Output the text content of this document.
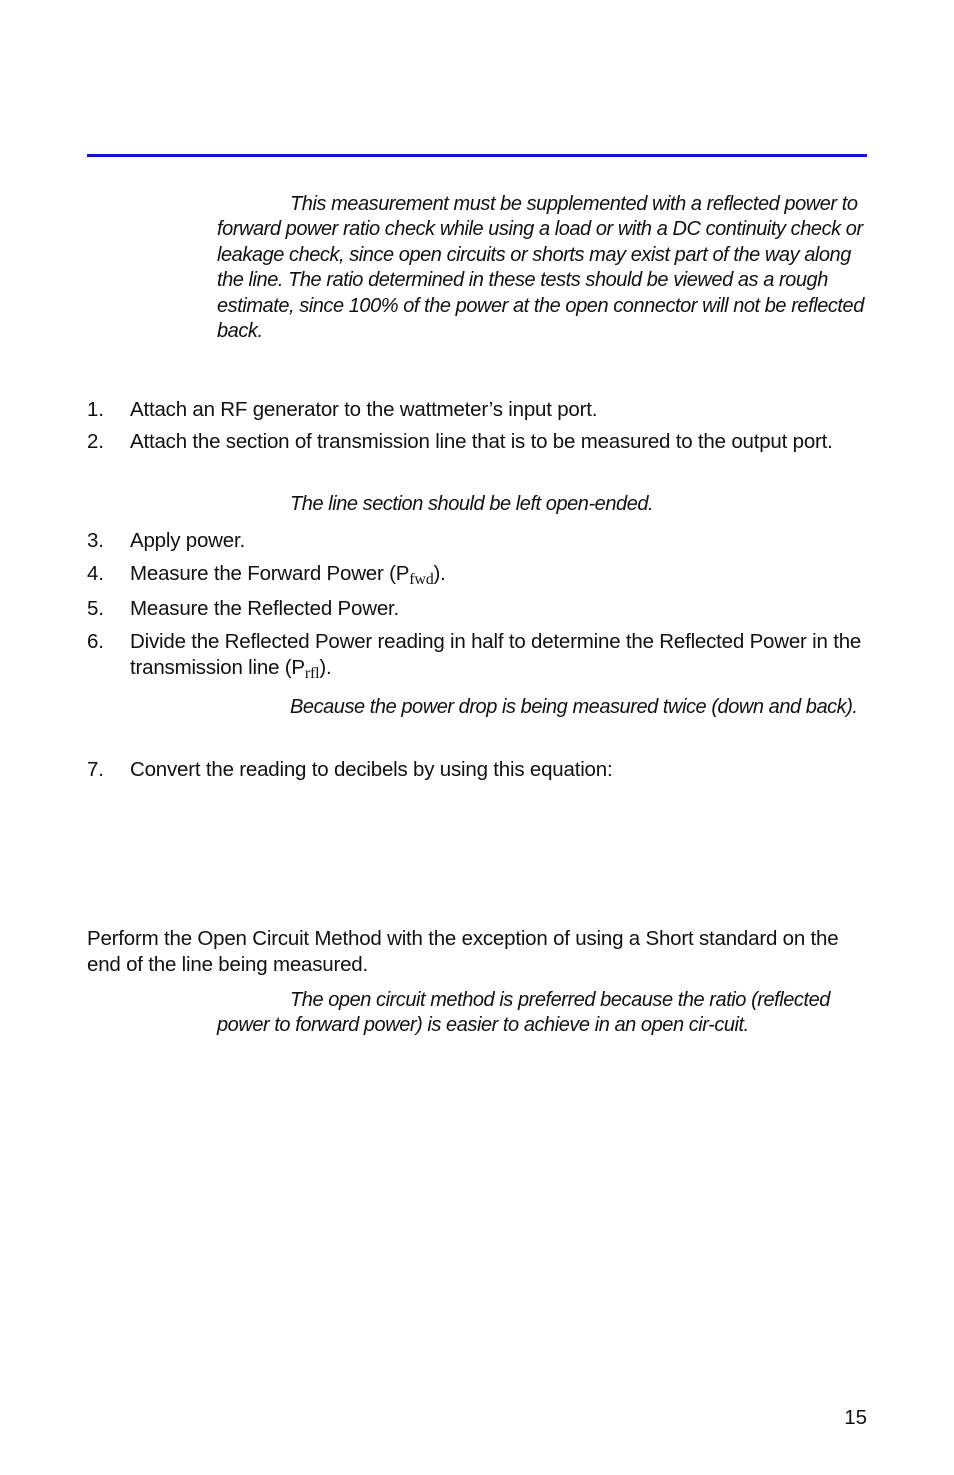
This measurement must be supplemented with a reflected power to forward power ratio check while using a load or with a DC continuity check or leakage check, since open circuits or shorts may exist part of the way along the line. The ratio determined in these tests should be viewed as a rough estimate, since 100% of the power at the open connector will not be reflected back.

1.	Attach an RF generator to the wattmeter’s input port.
2.	Attach the section of transmission line that is to be measured to the output port.

The line section should be left open-ended.

3.	Apply power.
4.	Measure the Forward Power $(P_{fwd})$.
5.	Measure the Reflected Power.
6.	Divide the Reflected Power reading in half to determine the Reflected Power in the transmission line $(P_{rfl})$.

Because the power drop is being measured twice (down and back).

7.	Convert the reading to decibels by using this equation:

Perform the Open Circuit Method with the exception of using a Short standard on the end of the line being measured.

The open circuit method is preferred because the ratio (reflected power to forward power) is easier to achieve in an open cir-cuit.

15
